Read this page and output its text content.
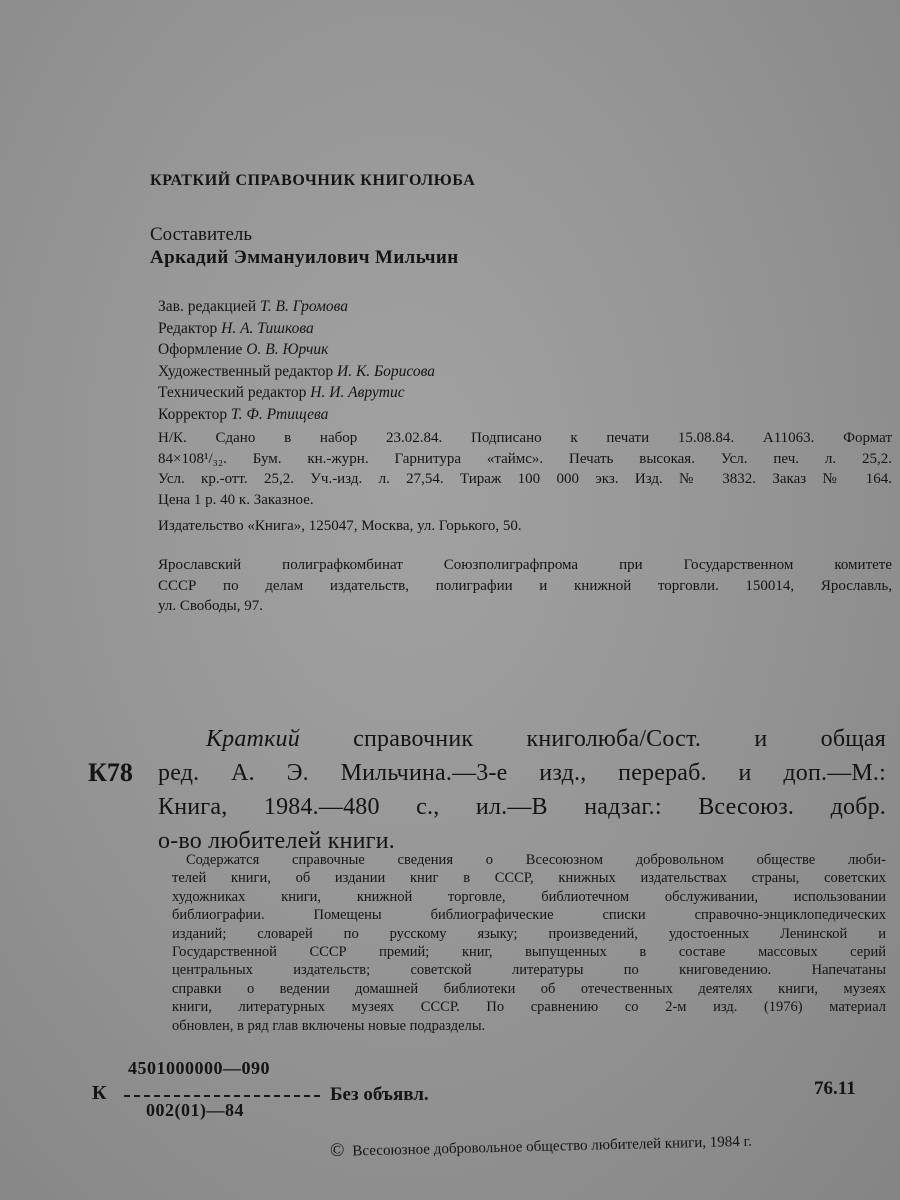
КРАТКИЙ СПРАВОЧНИК КНИГОЛЮБА
Составитель
Аркадий Эммануилович Мильчин
Зав. редакцией Т. В. Громова
Редактор Н. А. Тишкова
Оформление О. В. Юрчик
Художественный редактор И. К. Борисова
Технический редактор Н. И. Аврутис
Корректор Т. Ф. Ртищева
Н/К. Сдано в набор 23.02.84. Подписано к печати 15.08.84. А11063. Формат
84×108¹/₃₂. Бум. кн.-журн. Гарнитура «таймс». Печать высокая. Усл. печ. л. 25,2.
Усл. кр.-отт. 25,2. Уч.-изд. л. 27,54. Тираж 100 000 экз. Изд. № 3832. Заказ № 164.
Цена 1 р. 40 к. Заказное.
Издательство «Книга», 125047, Москва, ул. Горького, 50.
Ярославский полиграфкомбинат Союзполиграфпрома при Государственном комитете
СССР по делам издательств, полиграфии и книжной торговли. 150014, Ярославль,
ул. Свободы, 97.
К78
Краткий справочник книголюба/Сост. и общая
ред. А. Э. Мильчина.—3-е изд., перераб. и доп.—М.:
Книга, 1984.—480 с., ил.—В надзаг.: Всесоюз. добр.
о-во любителей книги.
Содержатся справочные сведения о Всесоюзном добровольном обществе люби-
телей книги, об издании книг в СССР, книжных издательствах страны, советских
художниках книги, книжной торговле, библиотечном обслуживании, использовании
библиографии. Помещены библиографические списки справочно-энциклопедических
изданий; словарей по русскому языку; произведений, удостоенных Ленинской и
Государственной СССР премий; книг, выпущенных в составе массовых серий
центральных издательств; советской литературы по книговедению. Напечатаны
справки о ведении домашней библиотеки об отечественных деятелях книги, музеях
книги, литературных музеях СССР. По сравнению со 2-м изд. (1976) материал
обновлен, в ряд глав включены новые подразделы.
К
4501000000—090
002(01)—84
Без объявл.	76.11
© Всесоюзное добровольное общество любителей книги, 1984 г.
